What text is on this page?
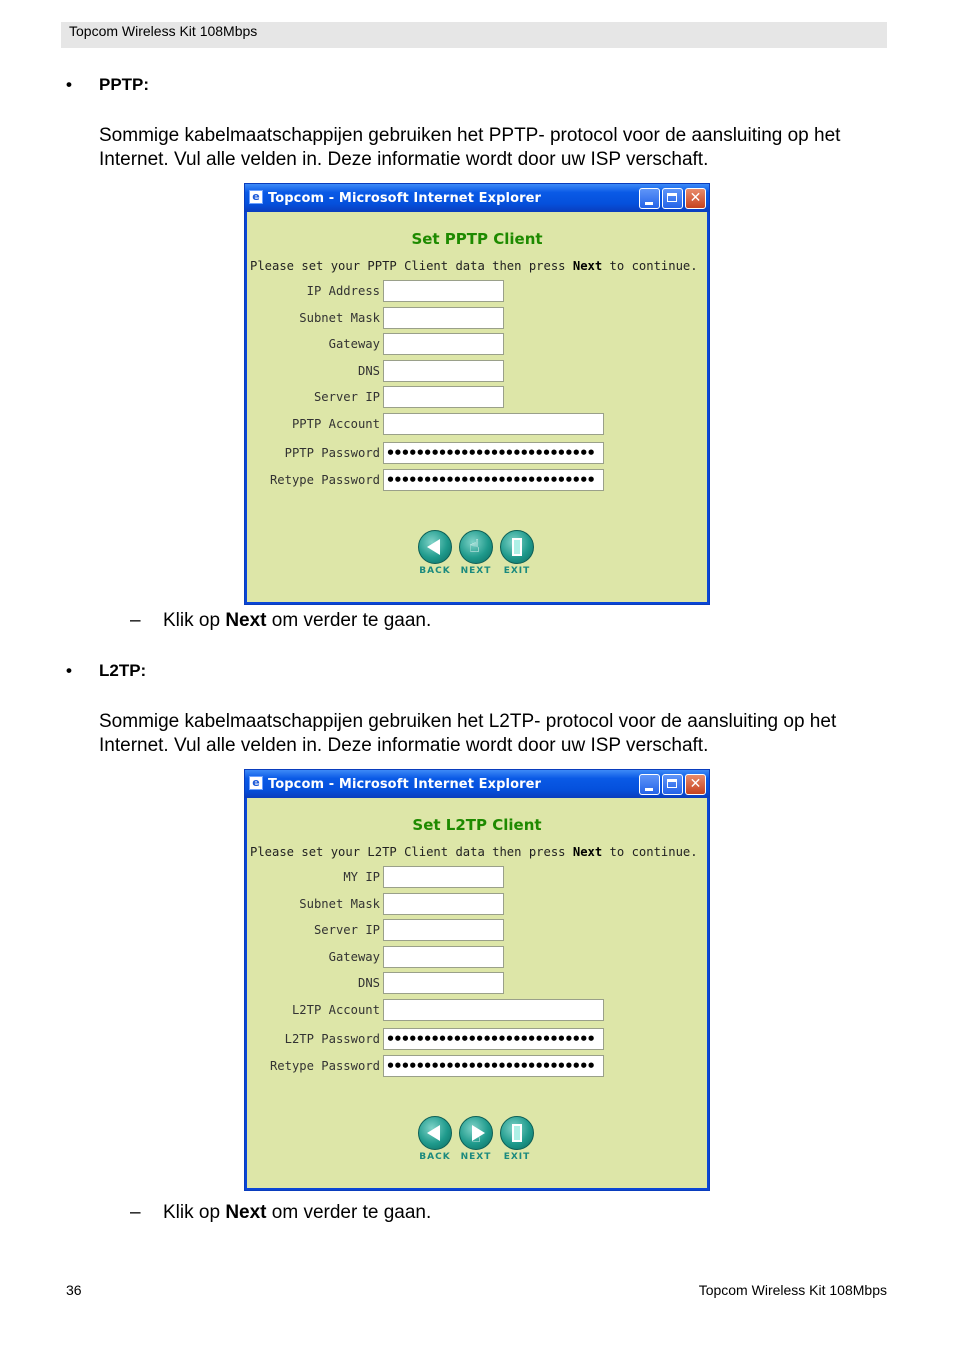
Topcom Wireless Kit 108Mbps
• PPTP:
Sommige kabelmaatschappijen gebruiken het PPTP- protocol voor de aansluiting op het
Internet. Vul alle velden in. Deze informatie wordt door uw ISP verschaft.
e Topcom - Microsoft Internet Explorer	✕
Set PPTP Client
Please set your PPTP Client data then press Next to continue.
IP Address
Subnet Mask
Gateway
DNS
Server IP
PPTP Account
PPTP Password
••••••••••••••••••••••••••••
Retype Password
••••••••••••••••••••••••••••
BACK
☝
NEXT	EXIT
– Klik op Next om verder te gaan.
• L2TP:
Sommige kabelmaatschappijen gebruiken het L2TP- protocol voor de aansluiting op het
Internet. Vul alle velden in. Deze informatie wordt door uw ISP verschaft.
e Topcom - Microsoft Internet Explorer	✕
Set L2TP Client
Please set your L2TP Client data then press Next to continue.
MY IP
Subnet Mask
Server IP
Gateway
DNS
L2TP Account
L2TP Password
••••••••••••••••••••••••••••
Retype Password
••••••••••••••••••••••••••••
BACK
☝
NEXT	EXIT
– Klik op Next om verder te gaan.
36	Topcom Wireless Kit 108Mbps
